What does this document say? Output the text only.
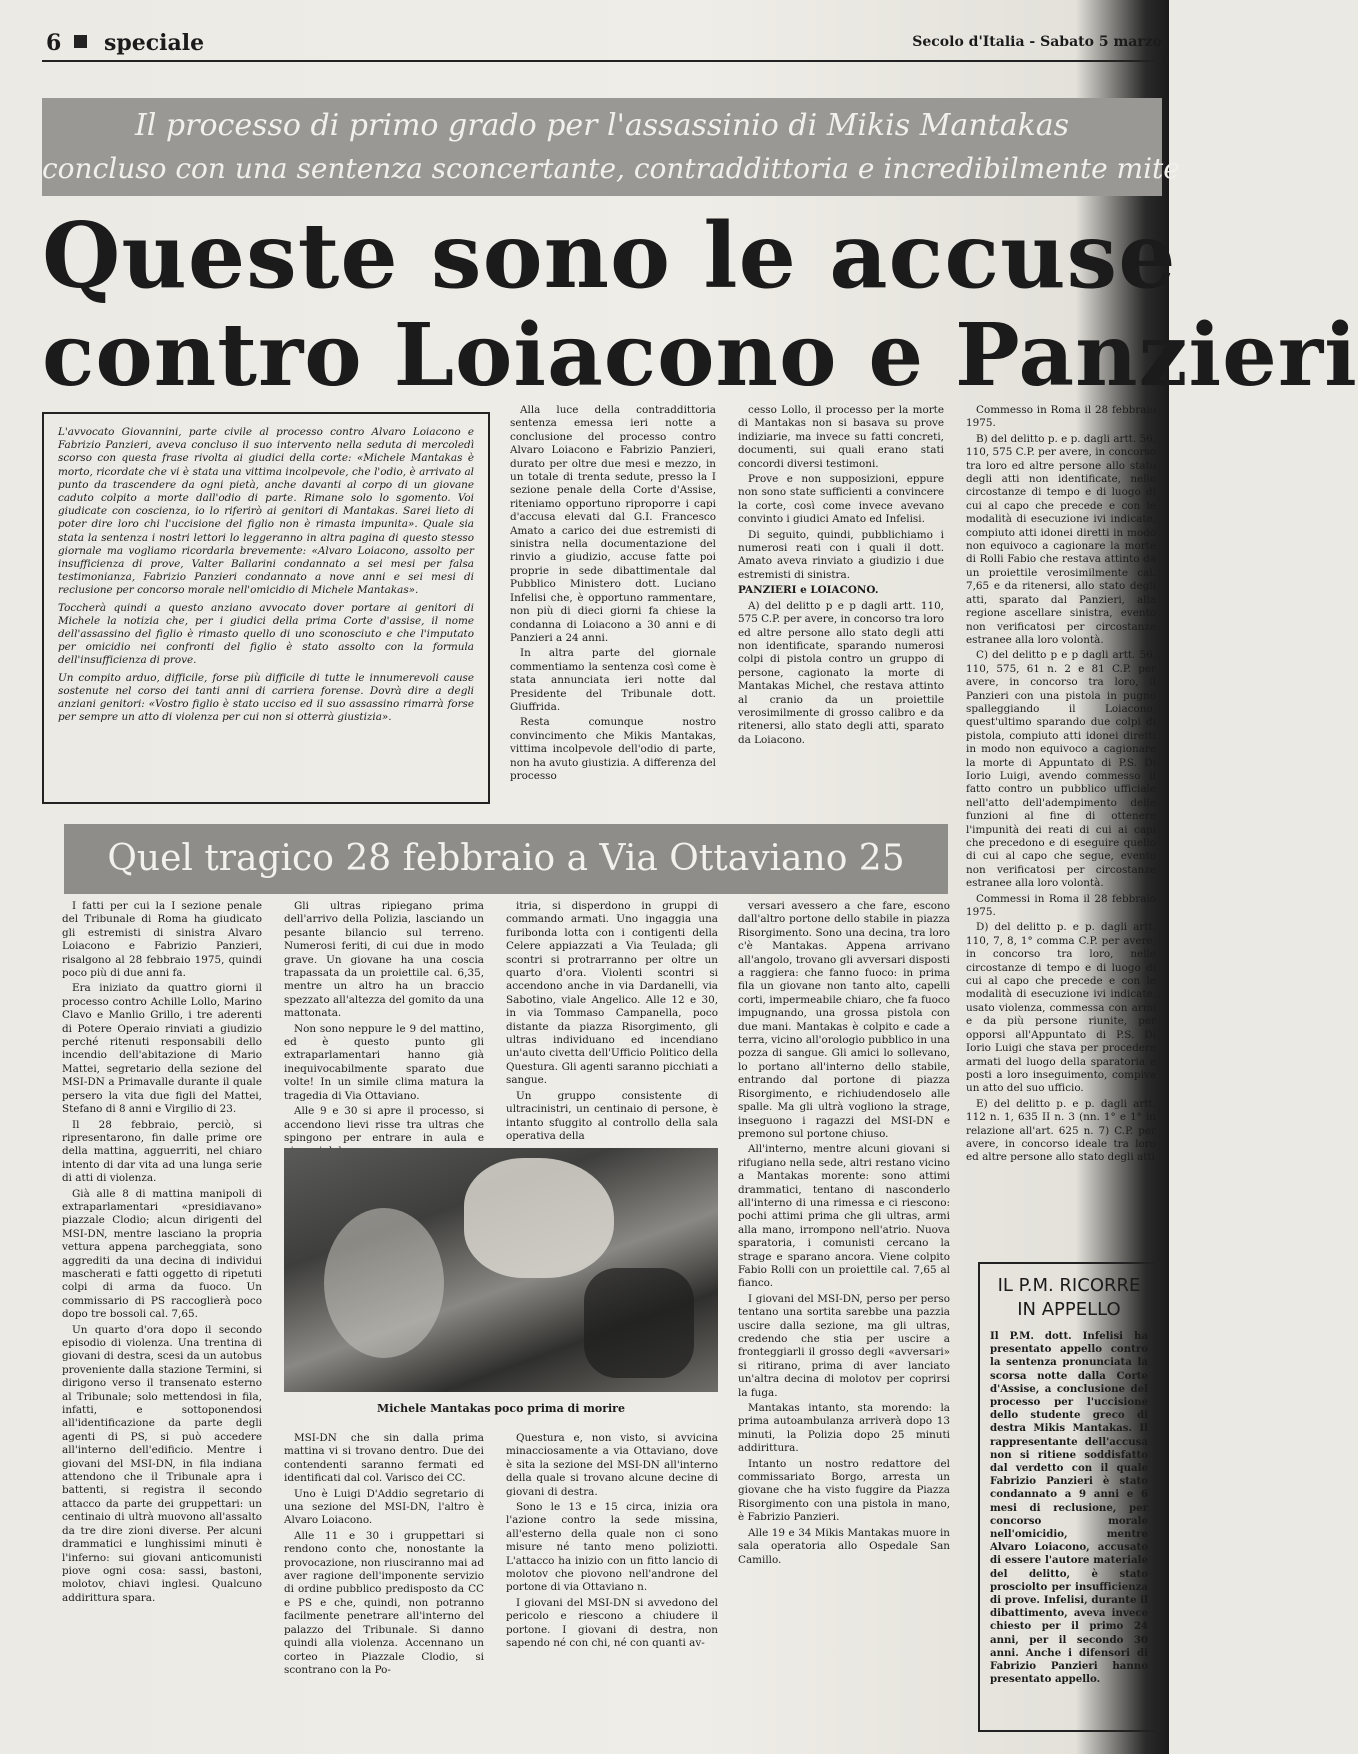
6 speciale	Secolo d'Italia - Sabato 5 marzo
Il processo di primo grado per l'assassinio di Mikis Mantakas
concluso con una sentenza sconcertante, contraddittoria e incredibilmente mite
Queste sono le accuse
contro Loiacono e Panzieri

L'avvocato Giovannini, parte civile al processo contro Alvaro Loiacono e Fabrizio Panzieri, aveva concluso il suo intervento nella seduta di mercoledì scorso con questa frase rivolta ai giudici della corte: «Michele Mantakas è morto, ricordate che vi è stata una vittima incolpevole, che l'odio, è arrivato al punto da trascendere da ogni pietà, anche davanti al corpo di un giovane caduto colpito a morte dall'odio di parte. Rimane solo lo sgomento. Voi giudicate con coscienza, io lo riferirò ai genitori di Mantakas. Sarei lieto di poter dire loro chi l'uccisione del figlio non è rimasta impunita». Quale sia stata la sentenza i nostri lettori lo leggeranno in altra pagina di questo stesso giornale ma vogliamo ricordarla brevemente: «Alvaro Loiacono, assolto per insufficienza di prove, Valter Ballarini condannato a sei mesi per falsa testimonianza, Fabrizio Panzieri condannato a nove anni e sei mesi di reclusione per concorso morale nell'omicidio di Michele Mantakas».

Toccherà quindi a questo anziano avvocato dover portare ai genitori di Michele la notizia che, per i giudici della prima Corte d'assise, il nome dell'assassino del figlio è rimasto quello di uno sconosciuto e che l'imputato per omicidio nei confronti del figlio è stato assolto con la formula dell'insufficienza di prove.

Un compito arduo, difficile, forse più difficile di tutte le innumerevoli cause sostenute nel corso dei tanti anni di carriera forense. Dovrà dire a degli anziani genitori: «Vostro figlio è stato ucciso ed il suo assassino rimarrà forse per sempre un atto di violenza per cui non si otterrà giustizia».

Alla luce della contraddittoria sentenza emessa ieri notte a conclusione del processo contro Alvaro Loiacono e Fabrizio Panzieri, durato per oltre due mesi e mezzo, in un totale di trenta sedute, presso la I sezione penale della Corte d'Assise, riteniamo opportuno riproporre i capi d'accusa elevati dal G.I. Francesco Amato a carico dei due estremisti di sinistra nella documentazione del rinvio a giudizio, accuse fatte poi proprie in sede dibattimentale dal Pubblico Ministero dott. Luciano Infelisi che, è opportuno rammentare, non più di dieci giorni fa chiese la condanna di Loiacono a 30 anni e di Panzieri a 24 anni.

In altra parte del giornale commentiamo la sentenza così come è stata annunciata ieri notte dal Presidente del Tribunale dott. Giuffrida.

Resta comunque nostro convincimento che Mikis Mantakas, vittima incolpevole dell'odio di parte, non ha avuto giustizia. A differenza del processo

cesso Lollo, il processo per la morte di Mantakas non si basava su prove indiziarie, ma invece su fatti concreti, documenti, sui quali erano stati concordi diversi testimoni.

Prove e non supposizioni, eppure non sono state sufficienti a convincere la corte, così come invece avevano convinto i giudici Amato ed Infelisi.

Di seguito, quindi, pubblichiamo i numerosi reati con i quali il dott. Amato aveva rinviato a giudizio i due estremisti di sinistra.

PANZIERI e LOIACONO.

A) del delitto p e p dagli artt. 110, 575 C.P. per avere, in concorso tra loro ed altre persone allo stato degli atti non identificate, sparando numerosi colpi di pistola contro un gruppo di persone, cagionato la morte di Mantakas Michel, che restava attinto al cranio da un proiettile verosimilmente di grosso calibro e da ritenersi, allo stato degli atti, sparato da Loiacono.

Commesso in Roma il 28 febbraio 1975.

B) del delitto p. e p. dagli artt. 56, 110, 575 C.P. per avere, in concorso tra loro ed altre persone allo stato degli atti non identificate, nelle circostanze di tempo e di luogo di cui al capo che precede e con le modalità di esecuzione ivi indicate, compiuto atti idonei diretti in modo non equivoco a cagionare la morte di Rolli Fabio che restava attinto da un proiettile verosimilmente cal. 7,65 e da ritenersi, allo stato degli atti, sparato dal Panzieri, alla regione ascellare sinistra, evento non verificatosi per circostanze estranee alla loro volontà.

C) del delitto p e p dagli artt. 56, 110, 575, 61 n. 2 e 81 C.P. per avere, in concorso tra loro, il Panzieri con una pistola in pugno spalleggiando il Loiacono, quest'ultimo sparando due colpi di pistola, compiuto atti idonei diretti in modo non equivoco a cagionare la morte di Appuntato di P.S. Di Iorio Luigi, avendo commesso il fatto contro un pubblico ufficiale nell'atto dell'adempimento delle funzioni al fine di ottenere l'impunità dei reati di cui ai capi che precedono e di eseguire quello di cui al capo che segue, evento non verificatosi per circostanze estranee alla loro volontà.

Commessi in Roma il 28 febbraio 1975.

D) del delitto p. e p. dagli artt. 110, 7, 8, 1° comma C.P. per avere, in concorso tra loro, nelle circostanze di tempo e di luogo di cui al capo che precede e con le modalità di esecuzione ivi indicate, usato violenza, commessa con armi e da più persone riunite, per opporsi all'Appuntato di P.S. Di Iorio Luigi che stava per procedere armati del luogo della sparatoria e posti a loro inseguimento, compiva un atto del suo ufficio.

E) del delitto p. e p. dagli artt. 112 n. 1, 635 II n. 3 (nn. 1° e 1° in relazione all'art. 625 n. 7) C.P. per avere, in concorso ideale tra loro ed altre persone allo stato degli atti

Quel tragico 28 febbraio a Via Ottaviano 25

I fatti per cui la I sezione penale del Tribunale di Roma ha giudicato gli estremisti di sinistra Alvaro Loiacono e Fabrizio Panzieri, risalgono al 28 febbraio 1975, quindi poco più di due anni fa.

Era iniziato da quattro giorni il processo contro Achille Lollo, Marino Clavo e Manlio Grillo, i tre aderenti di Potere Operaio rinviati a giudizio perché ritenuti responsabili dello incendio dell'abitazione di Mario Mattei, segretario della sezione del MSI-DN a Primavalle durante il quale persero la vita due figli del Mattei, Stefano di 8 anni e Virgilio di 23.

Il 28 febbraio, perciò, si ripresentarono, fin dalle prime ore della mattina, agguerriti, nel chiaro intento di dar vita ad una lunga serie di atti di violenza.

Già alle 8 di mattina manipoli di extraparlamentari «presidiavano» piazzale Clodio; alcun dirigenti del MSI-DN, mentre lasciano la propria vettura appena parcheggiata, sono aggrediti da una decina di individui mascherati e fatti oggetto di ripetuti colpi di arma da fuoco. Un commissario di PS raccoglierà poco dopo tre bossoli cal. 7,65.

Un quarto d'ora dopo il secondo episodio di violenza. Una trentina di giovani di destra, scesi da un autobus proveniente dalla stazione Termini, si dirigono verso il transenato esterno al Tribunale; solo mettendosi in fila, infatti, e sottoponendosi all'identificazione da parte degli agenti di PS, si può accedere all'interno dell'edificio. Mentre i giovani del MSI-DN, in fila indiana attendono che il Tribunale apra i battenti, si registra il secondo attacco da parte dei gruppettari: un centinaio di ultrà muovono all'assalto da tre dire zioni diverse. Per alcuni drammatici e lunghissimi minuti è l'inferno: sui giovani anticomunisti piove ogni cosa: sassi, bastoni, molotov, chiavi inglesi. Qualcuno addirittura spara.

Gli ultras ripiegano prima dell'arrivo della Polizia, lasciando un pesante bilancio sul terreno. Numerosi feriti, di cui due in modo grave. Un giovane ha una coscia trapassata da un proiettile cal. 6,35, mentre un altro ha un braccio spezzato all'altezza del gomito da una mattonata.

Non sono neppure le 9 del mattino, ed è questo punto gli extraparlamentari hanno già inequivocabilmente sparato due volte! In un simile clima matura la tragedia di Via Ottaviano.

Alle 9 e 30 si apre il processo, si accendono lievi risse tra ultras che spingono per entrare in aula e

itria, si disperdono in gruppi di commando armati. Uno ingaggia una furibonda lotta con i contigenti della Celere appiazzati a Via Teulada; gli scontri si protrarranno per oltre un quarto d'ora. Violenti scontri si accendono anche in via Dardanelli, via Sabotino, viale Angelico. Alle 12 e 30, in via Tommaso Campanella, poco distante da piazza Risorgimento, gli ultras individuano ed incendiano un'auto civetta dell'Ufficio Politico della Questura. Gli agenti saranno picchiati a sangue.

Un gruppo consistente di ultracinistri, un centinaio di persone, è intanto sfuggito al controllo della sala operativa della

versari avessero a che fare, escono dall'altro portone dello stabile in piazza Risorgimento. Sono una decina, tra loro c'è Mantakas. Appena arrivano all'angolo, trovano gli avversari disposti a raggiera: che fanno fuoco: in prima fila un giovane non tanto alto, capelli corti, impermeabile chiaro, che fa fuoco impugnando, una grossa pistola con due mani. Mantakas è colpito e cade a terra, vicino all'orologio pubblico in una pozza di sangue. Gli amici lo sollevano, lo portano all'interno dello stabile, entrando dal portone di piazza Risorgimento, e richiudendoselo alle spalle. Ma gli ultrà vogliono la strage, inseguono i ragazzi del MSI-DN e premono sul portone chiuso.

All'interno, mentre alcuni giovani si rifugiano nella sede, altri restano vicino a Mantakas morente: sono attimi drammatici, tentano di nasconderlo all'interno di una rimessa e ci riescono: pochi attimi prima che gli ultras, armi alla mano, irrompono nell'atrio. Nuova sparatoria, i comunisti cercano la strage e sparano ancora. Viene colpito Fabio Rolli con un proiettile cal. 7,65 al fianco.

I giovani del MSI-DN, perso per perso tentano una sortita sarebbe una pazzia uscire dalla sezione, ma gli ultras, credendo che stia per uscire a fronteggiarli il grosso degli «avversari» si ritirano, prima di aver lanciato un'altra decina di molotov per coprirsi la fuga.

Mantakas intanto, sta morendo: la prima autoambulanza arriverà dopo 13 minuti, la Polizia dopo 25 minuti addirittura.

Intanto un nostro redattore del commissariato Borgo, arresta un giovane che ha visto fuggire da Piazza Risorgimento con una pistola in mano, è Fabrizio Panzieri.

Alle 19 e 34 Mikis Mantakas muore in sala operatoria allo Ospedale San Camillo.

Michele Mantakas poco prima di morire

MSI-DN che sin dalla prima mattina vi si trovano dentro. Due dei contendenti saranno fermati ed identificati dal col. Varisco dei CC.

Uno è Luigi D'Addio segretario di una sezione del MSI-DN, l'altro è Alvaro Loiacono.

Alle 11 e 30 i gruppettari si rendono conto che, nonostante la provocazione, non riusciranno mai ad aver ragione dell'imponente servizio di ordine pubblico predisposto da CC e PS e che, quindi, non potranno facilmente penetrare all'interno del palazzo del Tribunale. Si danno quindi alla violenza. Accennano un corteo in Piazzale Clodio, si scontrano con la Po-

Questura e, non visto, si avvicina minacciosamente a via Ottaviano, dove è sita la sezione del MSI-DN all'interno della quale si trovano alcune decine di giovani di destra.

Sono le 13 e 15 circa, inizia ora l'azione contro la sede missina, all'esterno della quale non ci sono misure né tanto meno poliziotti. L'attacco ha inizio con un fitto lancio di molotov che piovono nell'androne del portone di via Ottaviano n.

I giovani del MSI-DN si avvedono del pericolo e riescono a chiudere il portone. I giovani di destra, non sapendo né con chi, né con quanti av-

IL P.M. RICORRE
IN APPELLO
Il P.M. dott. Infelisi ha presentato appello contro la sentenza pronunciata la scorsa notte dalla Corte d'Assise, a conclusione del processo per l'uccisione dello studente greco di destra Mikis Mantakas. Il rappresentante dell'accusa non si ritiene soddisfatto dal verdetto con il quale Fabrizio Panzieri è stato condannato a 9 anni e 6 mesi di reclusione, per concorso morale nell'omicidio, mentre Alvaro Loiacono, accusato di essere l'autore materiale del delitto, è stato prosciolto per insufficienza di prove. Infelisi, durante il dibattimento, aveva invece chiesto per il primo 24 anni, per il secondo 30 anni. Anche i difensori di Fabrizio Panzieri hanno presentato appello.
